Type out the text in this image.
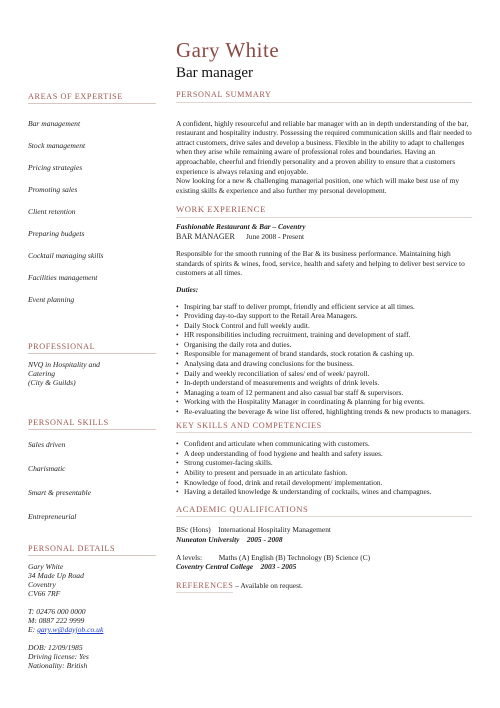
Gary White
Bar manager
AREAS OF EXPERTISE
Bar management
Stock management
Pricing strategies
Promoting sales
Client retention
Preparing budgets
Cocktail managing skills
Facilities management
Event planning
PROFESSIONAL
NVQ in Hospitality and
Catering
(City & Guilds)
PERSONAL SKILLS
Sales driven
Charismatic
Smart & presentable
Entrepreneurial
PERSONAL DETAILS
Gary White
34 Made Up Road
Coventry
CV66 7RF
T: 02476 000 0000
M: 0887 222 9999
E: gary.w@dayjob.co.uk
DOB: 12/09/1985
Driving license: Yes
Nationality: British
PERSONAL SUMMARY

A confident, highly resourceful and reliable bar manager with an in depth understanding of the bar, restaurant and hospitality industry. Possessing the required communication skills and flair needed to attract customers, drive sales and develop a business. Flexible in the ability to adapt to challenges when they arise while remaining aware of professional roles and boundaries. Having an approachable, cheerful and friendly personality and a proven ability to ensure that a customers experience is always relaxing and enjoyable.

Now looking for a new & challenging managerial position, one which will make best use of my existing skills & experience and also further my personal development.

WORK EXPERIENCE
Fashionable Restaurant & Bar – Coventry
BAR MANAGER June 2008 - Present

Responsible for the smooth running of the Bar & its business performance. Maintaining high standards of spirits & wines, food, service, health and safety and helping to deliver best service to customers at all times.

Duties:
• Inspiring bar staff to deliver prompt, friendly and efficient service at all times.
• Providing day-to-day support to the Retail Area Managers.
• Daily Stock Control and full weekly audit.
• HR responsibilities including recruitment, training and development of staff.
• Organising the daily rota and duties.
• Responsible for management of brand standards, stock rotation & cashing up.
• Analysing data and drawing conclusions for the business.
• Daily and weekly reconciliation of sales/ end of week/ payroll.
• In-depth understand of measurements and weights of drink levels.
• Managing a team of 12 permanent and also casual bar staff & supervisors.
• Working with the Hospitality Manager in coordinating & planning for big events.
• Re-evaluating the beverage & wine list offered, highlighting trends & new products to managers.
KEY SKILLS AND COMPETENCIES
• Confident and articulate when communicating with customers.
• A deep understanding of food hygiene and health and safety issues.
• Strong customer-facing skills.
• Ability to present and persuade in an articulate fashion.
• Knowledge of food, drink and retail development/ implementation.
• Having a detailed knowledge & understanding of cocktails, wines and champagnes.
ACADEMIC QUALIFICATIONS
BSc (Hons)    International Hospitality Management
Nuneaton University    2005 - 2008
A levels:         Maths (A) English (B) Technology (B) Science (C)
Coventry Central College    2003 - 2005
REFERENCES – Available on request.
